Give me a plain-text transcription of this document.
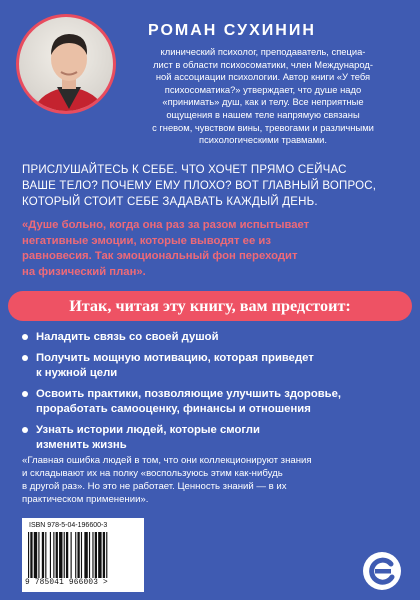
РОМАН СУХИНИН
клинический психолог, преподаватель, специа-
лист в области психосоматики, член Международ-
ной ассоциации психологии. Автор книги «У тебя
психосоматика?» утверждает, что душе надо
«принимать» душ, как и телу. Все неприятные
ощущения в нашем теле напрямую связаны
с гневом, чувством вины, тревогами и различными
психологическими травмами.
ПРИСЛУШАЙТЕСЬ К СЕБЕ. ЧТО ХОЧЕТ ПРЯМО СЕЙЧАС
ВАШЕ ТЕЛО? ПОЧЕМУ ЕМУ ПЛОХО? ВОТ ГЛАВНЫЙ ВОПРОС,
КОТОРЫЙ СТОИТ СЕБЕ ЗАДАВАТЬ КАЖДЫЙ ДЕНЬ.
«Душе больно, когда она раз за разом испытывает
негативные эмоции, которые выводят ее из
равновесия. Так эмоциональный фон переходит
на физический план».
Итак, читая эту книгу, вам предстоит:
Наладить связь со своей душой
Получить мощную мотивацию, которая приведет
к нужной цели
Освоить практики, позволяющие улучшить здоровье,
проработать самооценку, финансы и отношения
Узнать истории людей, которые смогли
изменить жизнь
«Главная ошибка людей в том, что они коллекционируют знания
и складывают их на полку «воспользуюсь этим как-нибудь
в другой раз». Но это не работает. Ценность знаний — в их
практическом применении».
ISBN 978-5-04-196600-3
9 785041 966003 >
